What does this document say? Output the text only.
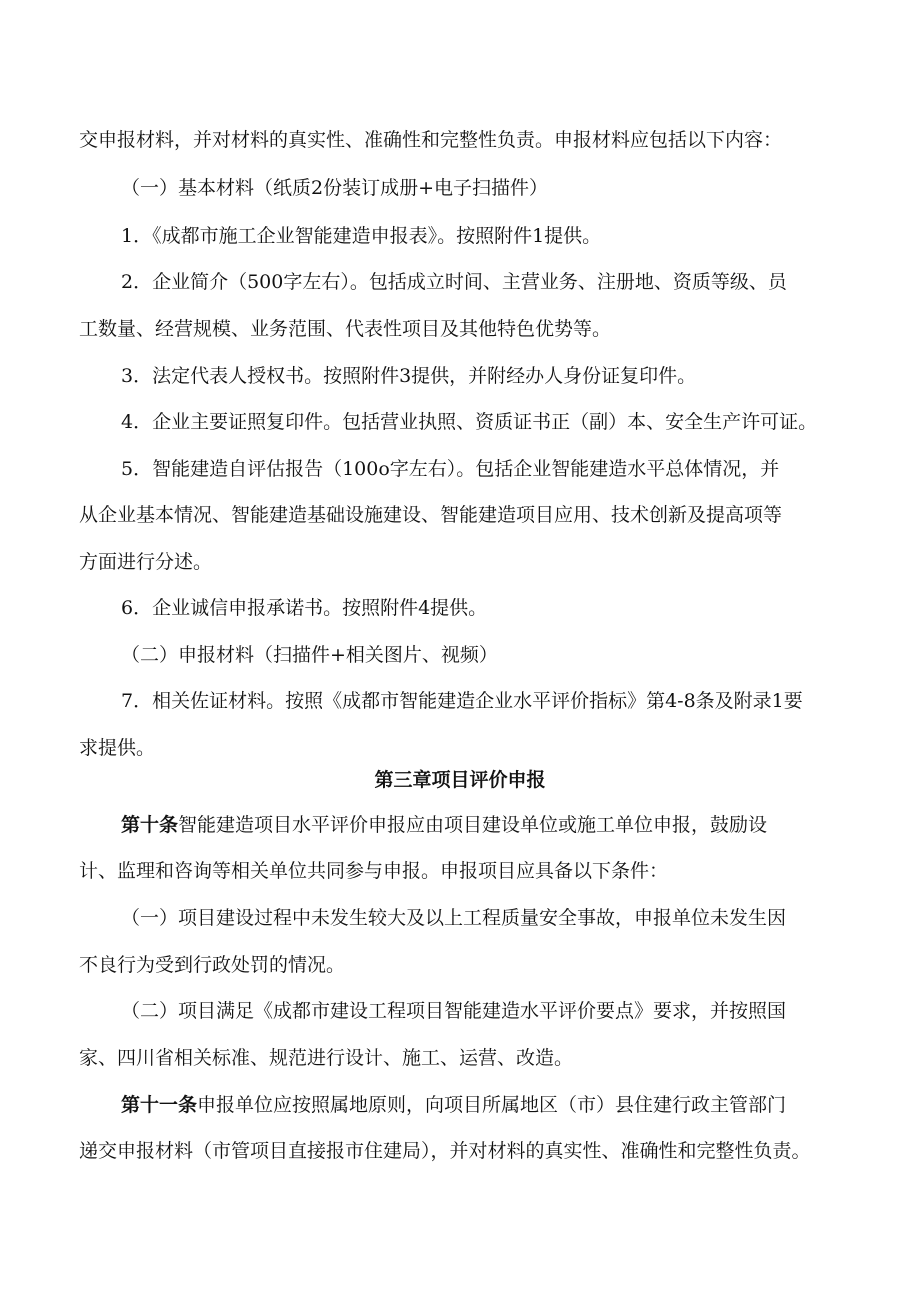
交申报材料，并对材料的真实性、准确性和完整性负责。申报材料应包括以下内容：
（一）基本材料（纸质2份装订成册+电子扫描件）
1．《成都市施工企业智能建造申报表》。按照附件1提供。
2．企业简介（500字左右）。包括成立时间、主营业务、注册地、资质等级、员
工数量、经营规模、业务范围、代表性项目及其他特色优势等。
3．法定代表人授权书。按照附件3提供，并附经办人身份证复印件。
4．企业主要证照复印件。包括营业执照、资质证书正（副）本、安全生产许可证。
5．智能建造自评估报告（100o字左右）。包括企业智能建造水平总体情况，并
从企业基本情况、智能建造基础设施建设、智能建造项目应用、技术创新及提高项等
方面进行分述。
6．企业诚信申报承诺书。按照附件4提供。
（二）申报材料（扫描件+相关图片、视频）
7．相关佐证材料。按照《成都市智能建造企业水平评价指标》第4-8条及附录1要
求提供。
第三章项目评价申报
第十条智能建造项目水平评价申报应由项目建设单位或施工单位申报，鼓励设
计、监理和咨询等相关单位共同参与申报。申报项目应具备以下条件：
（一）项目建设过程中未发生较大及以上工程质量安全事故，申报单位未发生因
不良行为受到行政处罚的情况。
（二）项目满足《成都市建设工程项目智能建造水平评价要点》要求，并按照国
家、四川省相关标准、规范进行设计、施工、运营、改造。
第十一条申报单位应按照属地原则，向项目所属地区（市）县住建行政主管部门
递交申报材料（市管项目直接报市住建局），并对材料的真实性、准确性和完整性负责。
